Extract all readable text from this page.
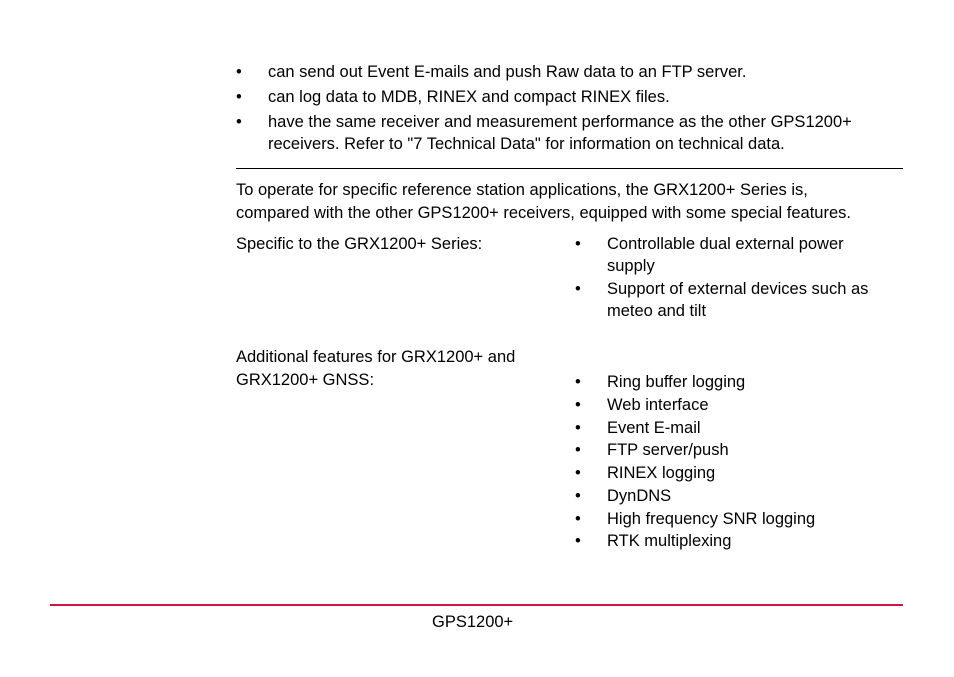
• can send out Event E-mails and push Raw data to an FTP server.
• can log data to MDB, RINEX and compact RINEX files.
• have the same receiver and measurement performance as the other GPS1200+
receivers. Refer to "7 Technical Data" for information on technical data.
To operate for specific reference station applications, the GRX1200+ Series is,
compared with the other GPS1200+ receivers, equipped with some special features.
Specific to the GRX1200+ Series:	• Controllable dual external power
supply
• Support of external devices such as
meteo and tilt
Additional features for GRX1200+ and
GRX1200+ GNSS:	• Ring buffer logging
• Web interface
• Event E-mail
• FTP server/push
• RINEX logging
• DynDNS
• High frequency SNR logging
• RTK multiplexing
GPS1200+
